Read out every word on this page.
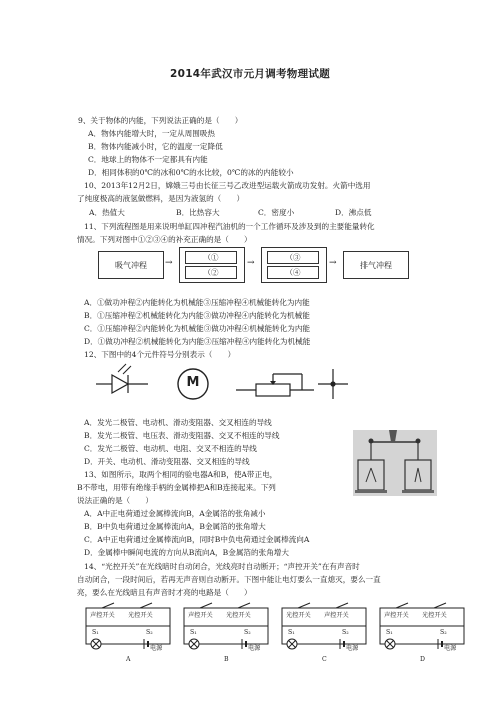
2014年武汉市元月调考物理试题
9、关于物体的内能，下列说法正确的是（　　）
A．物体内能增大时，一定从周围吸热
B．物体内能减小时，它的温度一定降低
C．地球上的物体不一定都具有内能
D．相同体积的0℃的冰和0℃的水比较，0℃的冰的内能较小
10、2013年12月2日，嫦娥三号由长征三号乙改进型运载火箭成功发射。火箭中选用
了纯度极高的液氢做燃料，是因为液氢的（　　）
A．热值大	B．比热容大	C．密度小	D．沸点低
11、下列流程图是用来说明单缸四冲程汽油机的一个工作循环及涉及到的主要能量转化
情况。下列对图中①②③④的补充正确的是（　　）
吸气冲程	→
（①
（②
→
（③
（④
→	排气冲程
A．①做功冲程②内能转化为机械能③压缩冲程④机械能转化为内能
B．①压缩冲程②机械能转化为内能③做功冲程④内能转化为机械能
C．①压缩冲程②内能转化为机械能③做功冲程④机械能转化为内能
D．①做功冲程②机械能转化为内能③压缩冲程④内能转化为机械能
12、下图中的4个元件符号分别表示（　　）
M
A．发光二极管、电动机、滑动变阻器、交叉相连的导线
B．发光二极管、电压表、滑动变阻器、交叉不相连的导线
C．发光二极管、电动机、电阻、交叉不相连的导线
D．开关、电动机、滑动变阻器、交叉相连的导线
13、如图所示，取两个相同的验电器A和B，使A带正电，
B不带电，用带有绝缘手柄的金属棒把A和B连接起来。下列
说法正确的是（　　）
A．A中正电荷通过金属棒流向B，A金属箔的张角减小
B．B中负电荷通过金属棒流向A，B金属箔的张角增大
C．A中正电荷通过金属棒流向B，同时B中负电荷通过金属棒流向A
D．金属棒中瞬间电流的方向从B流向A，B金属箔的张角增大
14、“光控开关”在光线暗时自动闭合，光线亮时自动断开；“声控开关”在有声音时
自动闭合，一段时间后，若再无声音则自动断开。下图中能让电灯要么一直熄灭，要么一直
亮，要么在光线暗且有声音时才亮的电路是（　　）
声控开关 光控开关
S₁	S₂
电源
A
声控开关 光控开关
S₁	S₂
电源
B
光控开关 声控开关
S₁	S₂
电源
C
声控开关 光控开关
S₁	S₂
电源
D
